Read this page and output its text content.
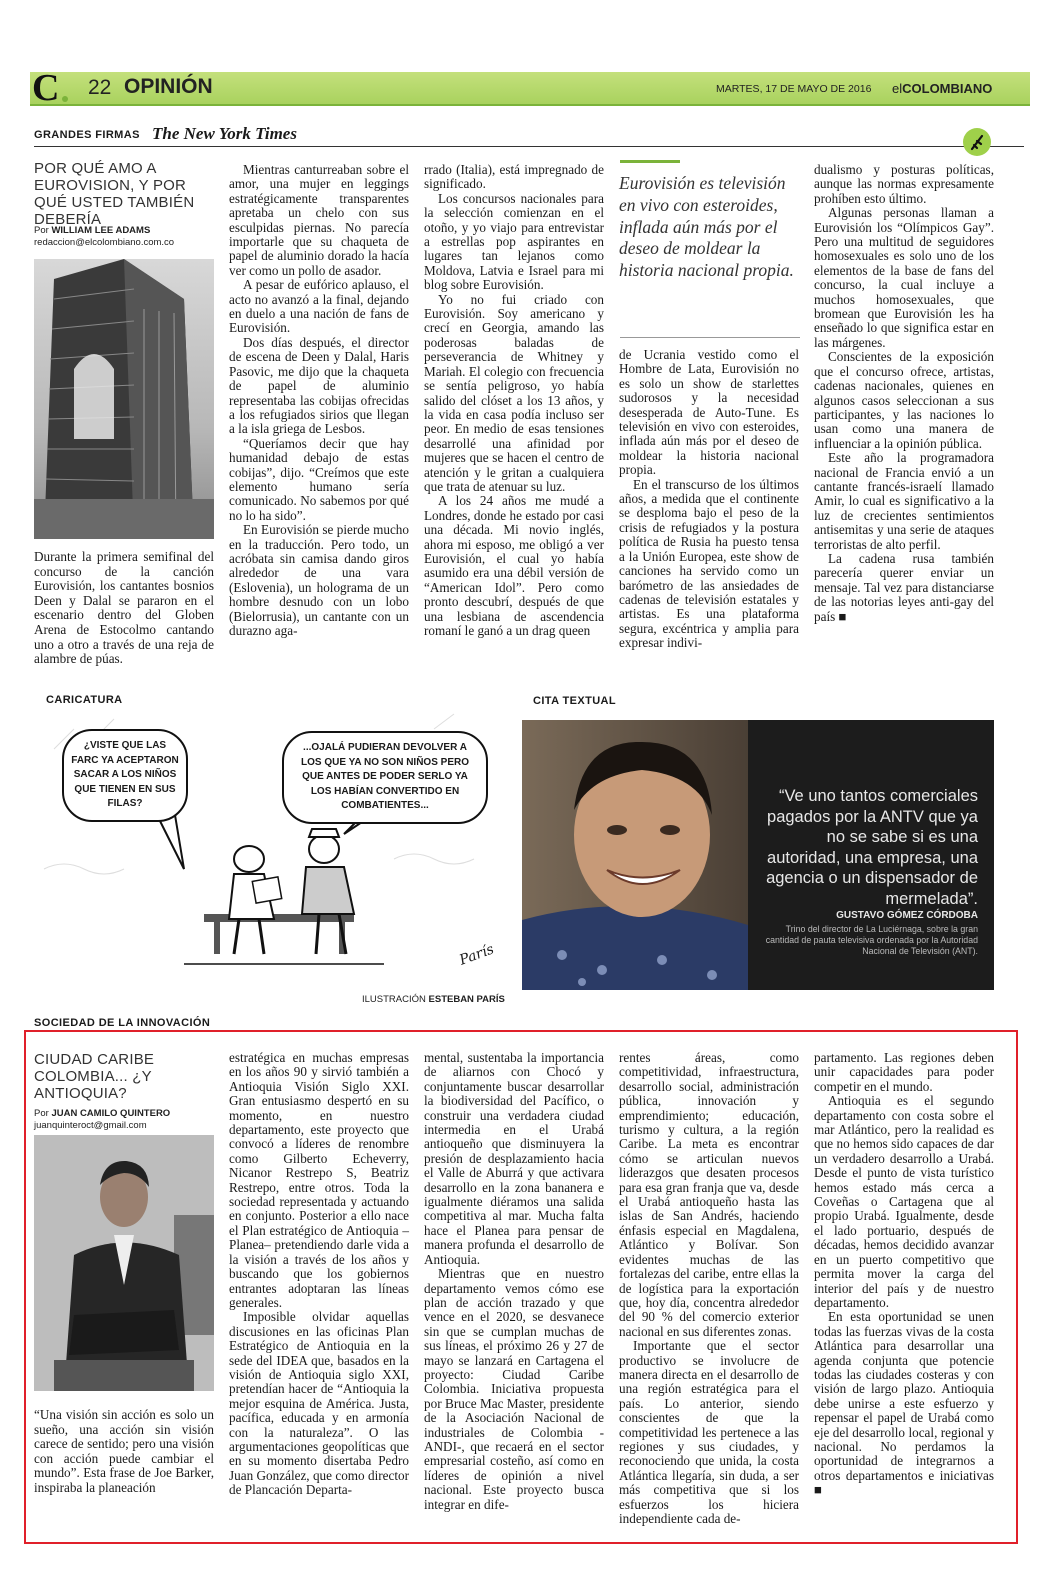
C 22 OPINIÓN	MARTES, 17 DE MAYO DE 2016 elCOLOMBIANO
GRANDES FIRMAS The New York Times
POR QUÉ AMO A EUROVISION, Y POR QUÉ USTED TAMBIÉN DEBERÍA
Por WILLIAM LEE ADAMS
redaccion@elcolombiano.com.co
Durante la primera semifinal del concurso de la canción Eurovisión, los cantantes bosnios Deen y Dalal se pararon en el escenario dentro del Globen Arena de Estocolmo cantando uno a otro a través de una reja de alambre de púas.

Mientras canturreaban sobre el amor, una mujer en leggings estratégicamente transparentes apretaba un chelo con sus esculpidas piernas. No parecía importarle que su chaqueta de papel de aluminio dorado la hacía ver como un pollo de asador.

A pesar de eufórico aplauso, el acto no avanzó a la final, dejando en duelo a una nación de fans de Eurovisión.

Dos días después, el director de escena de Deen y Dalal, Haris Pasovic, me dijo que la chaqueta de papel de aluminio representaba las cobijas ofrecidas a los refugiados sirios que llegan a la isla griega de Lesbos.

“Queríamos decir que hay humanidad debajo de estas cobijas”, dijo. “Creímos que este elemento humano sería comunicado. No sabemos por qué no lo ha sido”.

En Eurovisión se pierde mucho en la traducción. Pero todo, un acróbata sin camisa dando giros alrededor de una vara (Eslovenia), un holograma de un hombre desnudo con un lobo (Bielorrusia), un cantante con un durazno aga-

rrado (Italia), está impregnado de significado.

Los concursos nacionales para la selección comienzan en el otoño, y yo viajo para entrevistar a estrellas pop aspirantes en lugares tan lejanos como Moldova, Latvia e Israel para mi blog sobre Eurovisión.

Yo no fui criado con Eurovisión. Soy americano y crecí en Georgia, amando las poderosas baladas de perseverancia de Whitney y Mariah. El colegio con frecuencia se sentía peligroso, yo había salido del clóset a los 13 años, y la vida en casa podía incluso ser peor. En medio de esas tensiones desarrollé una afinidad por mujeres que se hacen el centro de atención y le gritan a cualquiera que trata de atenuar su luz.

A los 24 años me mudé a Londres, donde he estado por casi una década. Mi novio inglés, ahora mi esposo, me obligó a ver Eurovisión, el cual yo había asumido era una débil versión de “American Idol”. Pero como pronto descubrí, después de que una lesbiana de ascendencia romaní le ganó a un drag queen

Eurovisión es televisión en vivo con esteroides, inflada aún más por el deseo de moldear la historia nacional propia.

de Ucrania vestido como el Hombre de Lata, Eurovisión no es solo un show de starlettes sudorosos y la necesidad desesperada de Auto-Tune. Es televisión en vivo con esteroides, inflada aún más por el deseo de moldear la historia nacional propia.

En el transcurso de los últimos años, a medida que el continente se desploma bajo el peso de la crisis de refugiados y la postura política de Rusia ha puesto tensa a la Unión Europea, este show de canciones ha servido como un barómetro de las ansiedades de cadenas de televisión estatales y artistas. Es una plataforma segura, excéntrica y amplia para expresar indivi-

dualismo y posturas políticas, aunque las normas expresamente prohíben esto último.

Algunas personas llaman a Eurovisión los “Olímpicos Gay”. Pero una multitud de seguidores homosexuales es solo uno de los elementos de la base de fans del concurso, la cual incluye a muchos homosexuales, que bromean que Eurovisión les ha enseñado lo que significa estar en las márgenes.

Conscientes de la exposición que el concurso ofrece, artistas, cadenas nacionales, quienes en algunos casos seleccionan a sus participantes, y las naciones lo usan como una manera de influenciar a la opinión pública.

Este año la programadora nacional de Francia envió a un cantante francés-israelí llamado Amir, lo cual es significativo a la luz de crecientes sentimientos antisemitas y una serie de ataques terroristas de alto perfil.

La cadena rusa también parecería querer enviar un mensaje. Tal vez para distanciarse de las notorias leyes anti-gay del país ■

CARICATURA
¿VISTE QUE LAS FARC YA ACEPTARON SACAR A LOS NIÑOS QUE TIENEN EN SUS FILAS?
...OJALÁ PUDIERAN DEVOLVER A LOS QUE YA NO SON NIÑOS PERO QUE ANTES DE PODER SERLO YA LOS HABÍAN CONVERTIDO EN COMBATIENTES...
París
ILUSTRACIÓN ESTEBAN PARÍS
CITA TEXTUAL
“Ve uno tantos comerciales pagados por la ANTV que ya no se sabe si es una autoridad, una empresa, una agencia o un dispensador de mermelada”.
GUSTAVO GÓMEZ CÓRDOBA
Trino del director de La Luciérnaga, sobre la gran cantidad de pauta televisiva ordenada por la Autoridad Nacional de Televisión (ANT).
SOCIEDAD DE LA INNOVACIÓN
CIUDAD CARIBE COLOMBIA... ¿Y ANTIOQUIA?
Por JUAN CAMILO QUINTERO
juanquinteroct@gmail.com
“Una visión sin acción es solo un sueño, una acción sin visión carece de sentido; pero una visión con acción puede cambiar el mundo”. Esta frase de Joe Barker, inspiraba la planeación

estratégica en muchas empresas en los años 90 y sirvió también a Antioquia Visión Siglo XXI. Gran entusiasmo despertó en su momento, en nuestro departamento, este proyecto que convocó a líderes de renombre como Gilberto Echeverry, Nicanor Restrepo S, Beatriz Restrepo, entre otros. Toda la sociedad representada y actuando en conjunto. Posterior a ello nace el Plan estratégico de Antioquia –Planea– pretendiendo darle vida a la visión a través de los años y buscando que los gobiernos entrantes adoptaran las líneas generales.

Imposible olvidar aquellas discusiones en las oficinas Plan Estratégico de Antioquia en la sede del IDEA que, basados en la visión de Antioquia siglo XXI, pretendían hacer de “Antioquia la mejor esquina de América. Justa, pacífica, educada y en armonía con la naturaleza”. O las argumentaciones geopolíticas que en su momento disertaba Pedro Juan González, que como director de Plancación Departa-

mental, sustentaba la importancia de aliarnos con Chocó y conjuntamente buscar desarrollar la biodiversidad del Pacífico, o construir una verdadera ciudad intermedia en el Urabá antioqueño que disminuyera la presión de desplazamiento hacia el Valle de Aburrá y que activara desarrollo en la zona bananera e igualmente diéramos una salida competitiva al mar. Mucha falta hace el Planea para pensar de manera profunda el desarrollo de Antioquia.

Mientras que en nuestro departamento vemos cómo ese plan de acción trazado y que vence en el 2020, se desvanece sin que se cumplan muchas de sus líneas, el próximo 26 y 27 de mayo se lanzará en Cartagena el proyecto: Ciudad Caribe Colombia. Iniciativa propuesta por Bruce Mac Master, presidente de la Asociación Nacional de industriales de Colombia -ANDI-, que recaerá en el sector empresarial costeño, así como en líderes de opinión a nivel nacional. Este proyecto busca integrar en dife-

rentes áreas, como competitividad, infraestructura, desarrollo social, administración pública, innovación y emprendimiento; educación, turismo y cultura, a la región Caribe. La meta es encontrar cómo se articulan nuevos liderazgos que desaten procesos para esa gran franja que va, desde el Urabá antioqueño hasta las islas de San Andrés, haciendo énfasis especial en Magdalena, Atlántico y Bolívar. Son evidentes muchas de las fortalezas del caribe, entre ellas la de logística para la exportación que, hoy día, concentra alrededor del 90 % del comercio exterior nacional en sus diferentes zonas.

Importante que el sector productivo se involucre de manera directa en el desarrollo de una región estratégica para el país. Lo anterior, siendo conscientes de que la competitividad les pertenece a las regiones y sus ciudades, y reconociendo que unida, la costa Atlántica llegaría, sin duda, a ser más competitiva que si los esfuerzos los hiciera independiente cada de-

partamento. Las regiones deben unir capacidades para poder competir en el mundo.

Antioquia es el segundo departamento con costa sobre el mar Atlántico, pero la realidad es que no hemos sido capaces de dar un verdadero desarrollo a Urabá. Desde el punto de vista turístico hemos estado más cerca a Coveñas o Cartagena que al propio Urabá. Igualmente, desde el lado portuario, después de décadas, hemos decidido avanzar en un puerto competitivo que permita mover la carga del interior del país y de nuestro departamento.

En esta oportunidad se unen todas las fuerzas vivas de la costa Atlántica para desarrollar una agenda conjunta que potencie todas las ciudades costeras y con visión de largo plazo. Antioquia debe unirse a este esfuerzo y repensar el papel de Urabá como eje del desarrollo local, regional y nacional. No perdamos la oportunidad de integrarnos a otros departamentos e iniciativas ■
